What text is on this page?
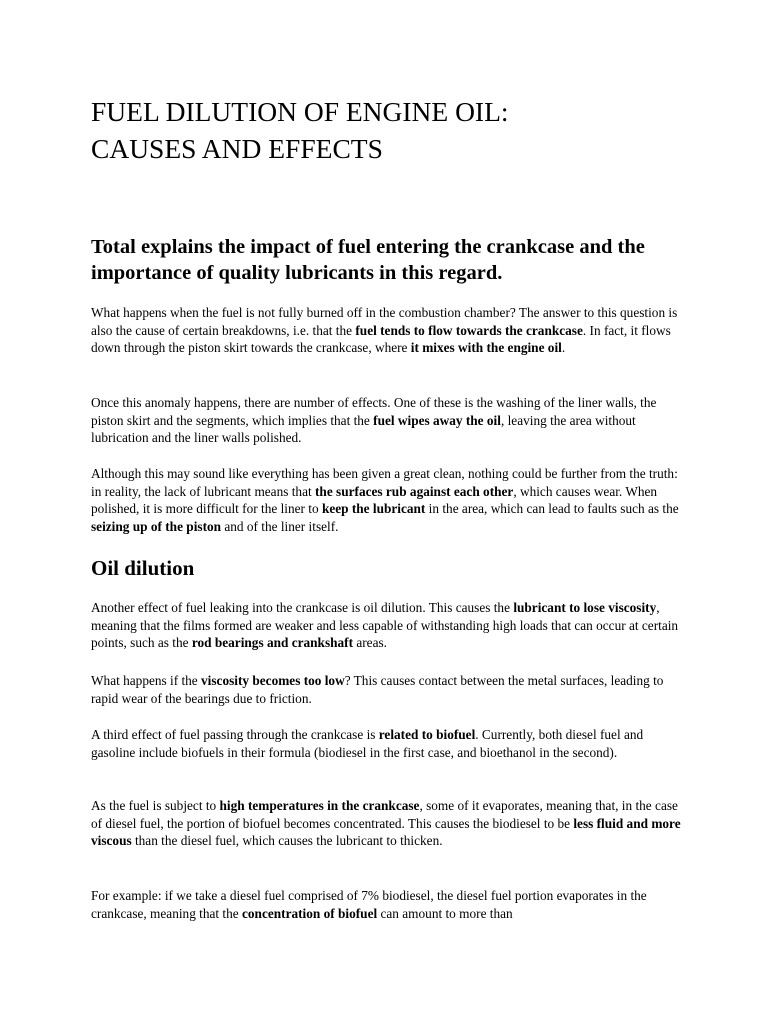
FUEL DILUTION OF ENGINE OIL:
CAUSES AND EFFECTS
Total explains the impact of fuel entering the crankcase and the importance of quality lubricants in this regard.

What happens when the fuel is not fully burned off in the combustion chamber? The answer to this question is also the cause of certain breakdowns, i.e. that the fuel tends to flow towards the crankcase. In fact, it flows down through the piston skirt towards the crankcase, where it mixes with the engine oil.

Once this anomaly happens, there are number of effects. One of these is the washing of the liner walls, the piston skirt and the segments, which implies that the fuel wipes away the oil, leaving the area without lubrication and the liner walls polished.

Although this may sound like everything has been given a great clean, nothing could be further from the truth: in reality, the lack of lubricant means that the surfaces rub against each other, which causes wear. When polished, it is more difficult for the liner to keep the lubricant in the area, which can lead to faults such as the seizing up of the piston and of the liner itself.

Oil dilution

Another effect of fuel leaking into the crankcase is oil dilution. This causes the lubricant to lose viscosity, meaning that the films formed are weaker and less capable of withstanding high loads that can occur at certain points, such as the rod bearings and crankshaft areas.

What happens if the viscosity becomes too low? This causes contact between the metal surfaces, leading to rapid wear of the bearings due to friction.

A third effect of fuel passing through the crankcase is related to biofuel. Currently, both diesel fuel and gasoline include biofuels in their formula (biodiesel in the first case, and bioethanol in the second).

As the fuel is subject to high temperatures in the crankcase, some of it evaporates, meaning that, in the case of diesel fuel, the portion of biofuel becomes concentrated. This causes the biodiesel to be less fluid and more viscous than the diesel fuel, which causes the lubricant to thicken.

For example: if we take a diesel fuel comprised of 7% biodiesel, the diesel fuel portion evaporates in the crankcase, meaning that the concentration of biofuel can amount to more than
